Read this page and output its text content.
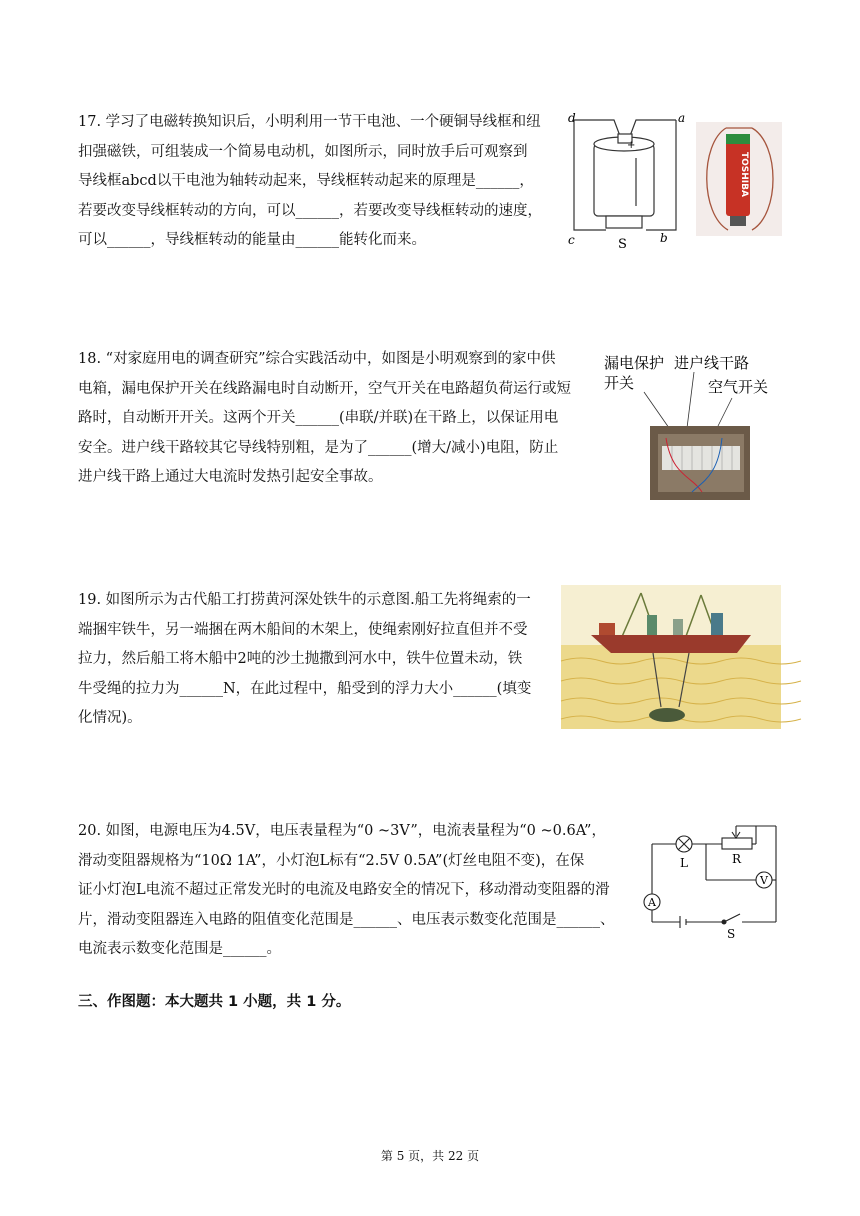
17. 学习了电磁转换知识后，小明利用一节干电池、一个硬铜导线框和纽

扣强磁铁，可组装成一个简易电动机，如图所示，同时放手后可观察到

导线框abcd以干电池为轴转动起来，导线框转动起来的原理是______，

若要改变导线框转动的方向，可以______，若要改变导线框转动的速度，

可以______，导线框转动的能量由______能转化而来。

d	a
c	b
S
+
TOSHIBA

18. “对家庭用电的调查研究”综合实践活动中，如图是小明观察到的家中供

电箱，漏电保护开关在线路漏电时自动断开，空气开关在电路超负荷运行或短

路时，自动断开开关。这两个开关______(串联/并联)在干路上，以保证用电

安全。进户线干路较其它导线特别粗，是为了______(增大/减小)电阻，防止

进户线干路上通过大电流时发热引起安全事故。

漏电保护
开关
进户线干路
空气开关

19. 如图所示为古代船工打捞黄河深处铁牛的示意图.船工先将绳索的一

端捆牢铁牛，另一端捆在两木船间的木架上，使绳索刚好拉直但并不受

拉力，然后船工将木船中2吨的沙土抛撒到河水中，铁牛位置未动，铁

牛受绳的拉力为______N，在此过程中，船受到的浮力大小______(填变

化情况)。

20. 如图，电源电压为4.5V，电压表量程为“0 ~3V”，电流表量程为“0 ~0.6A”，

滑动变阻器规格为“10Ω 1A”，小灯泡L标有“2.5V 0.5A”(灯丝电阻不变)，在保

证小灯泡L电流不超过正常发光时的电流及电路安全的情况下，移动滑动变阻器的滑

片，滑动变阻器连入电路的阻值变化范围是______、电压表示数变化范围是______、

电流表示数变化范围是______。

L	R
V
A
S
三、作图题：本大题共 1 小题，共 1 分。
第 5 页，共 22 页
